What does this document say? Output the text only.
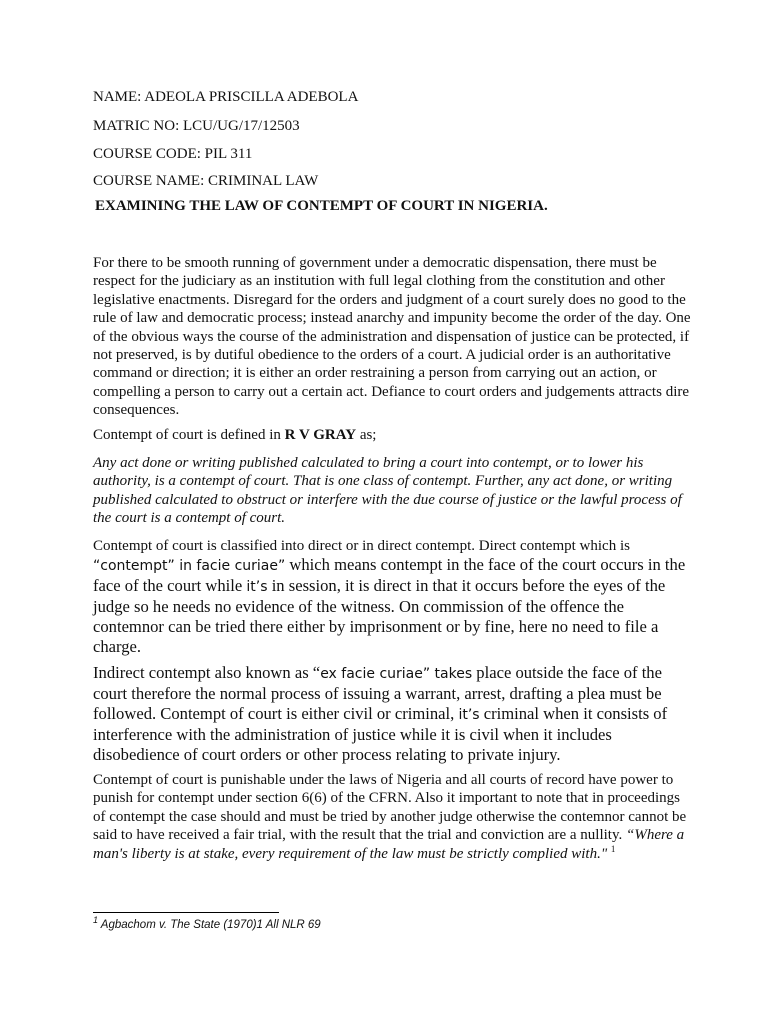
NAME: ADEOLA PRISCILLA ADEBOLA
MATRIC NO: LCU/UG/17/12503
COURSE CODE: PIL 311
COURSE NAME: CRIMINAL LAW
EXAMINING THE LAW OF CONTEMPT OF COURT IN NIGERIA.
For there to be smooth running of government under a democratic dispensation, there must be respect for the judiciary as an institution with full legal clothing from the constitution and other legislative enactments. Disregard for the orders and judgment of a court surely does no good to the rule of law and democratic process; instead anarchy and impunity become the order of the day. One of the obvious ways the course of the administration and dispensation of justice can be protected, if not preserved, is by dutiful obedience to the orders of a court. A judicial order is an authoritative command or direction; it is either an order restraining a person from carrying out an action, or compelling a person to carry out a certain act. Defiance to court orders and judgements attracts dire consequences.
Contempt of court is defined in R V GRAY as;
Any act done or writing published calculated to bring a court into contempt, or to lower his authority, is a contempt of court. That is one class of contempt. Further, any act done, or writing published calculated to obstruct or interfere with the due course of justice or the lawful process of the court is a contempt of court.
Contempt of court is classified into direct or in direct contempt. Direct contempt which is
“contempt” in facie curiae” which means contempt in the face of the court occurs in the face of the court while it’s in session, it is direct in that it occurs before the eyes of the judge so he needs no evidence of the witness. On commission of the offence the contemnor can be tried there either by imprisonment or by fine, here no need to file a charge.
Indirect contempt also known as “ex facie curiae” takes place outside the face of the court therefore the normal process of issuing a warrant, arrest, drafting a plea must be followed. Contempt of court is either civil or criminal, it’s criminal when it consists of interference with the administration of justice while it is civil when it includes disobedience of court orders or other process relating to private injury.
Contempt of court is punishable under the laws of Nigeria and all courts of record have power to punish for contempt under section 6(6) of the CFRN. Also it important to note that in proceedings of contempt the case should and must be tried by another judge otherwise the contemnor cannot be said to have received a fair trial, with the result that the trial and conviction are a nullity. “Where a man's liberty is at stake, every requirement of the law must be strictly complied with." $^1$
$^1$ Agbachom v. The State (1970)1 All NLR 69
